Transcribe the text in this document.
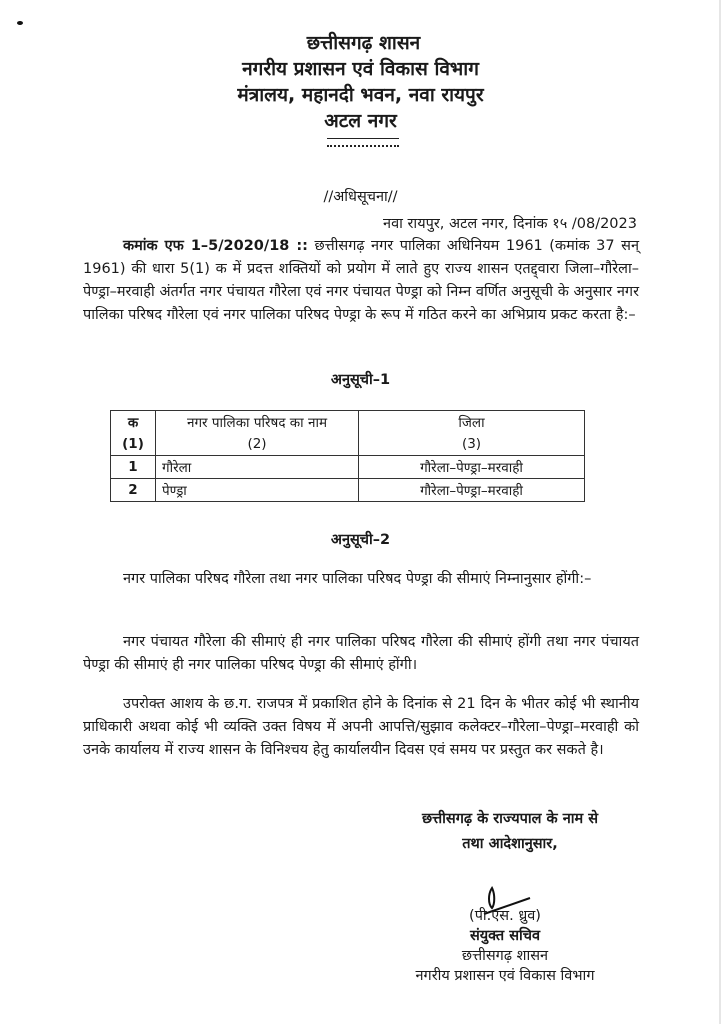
छत्तीसगढ़ शासन
नगरीय प्रशासन एवं विकास विभाग
मंत्रालय, महानदी भवन, नवा रायपुर
अटल नगर
//अधिसूचना//
नवा रायपुर, अटल नगर, दिनांक १५ /08/2023
कमांक एफ 1–5/2020/18 :: छत्तीसगढ़ नगर पालिका अधिनियम 1961 (कमांक 37 सन् 1961) की धारा 5(1) क में प्रदत्त शक्तियों को प्रयोग में लाते हुए राज्य शासन एतद्द्वारा जिला–गौरेला–पेण्ड्रा–मरवाही अंतर्गत नगर पंचायत गौरेला एवं नगर पंचायत पेण्ड्रा को निम्न वर्णित अनुसूची के अनुसार नगर पालिका परिषद गौरेला एवं नगर पालिका परिषद पेण्ड्रा के रूप में गठित करने का अभिप्राय प्रकट करता है:–
अनुसूची–1
क	नगर पालिका परिषद का नाम	जिला
(1)	(2)	(3)
1	गौरेला	गौरेला–पेण्ड्रा–मरवाही
2	पेण्ड्रा	गौरेला–पेण्ड्रा–मरवाही
अनुसूची–2
नगर पालिका परिषद गौरेला तथा नगर पालिका परिषद पेण्ड्रा की सीमाएं निम्नानुसार होंगी:–
नगर पंचायत गौरेला की सीमाएं ही नगर पालिका परिषद गौरेला की सीमाएं होंगी तथा नगर पंचायत पेण्ड्रा की सीमाएं ही नगर पालिका परिषद पेण्ड्रा की सीमाएं होंगी।
उपरोक्त आशय के छ.ग. राजपत्र में प्रकाशित होने के दिनांक से 21 दिन के भीतर कोई भी स्थानीय प्राधिकारी अथवा कोई भी व्यक्ति उक्त विषय में अपनी आपत्ति/सुझाव कलेक्टर–गौरेला–पेण्ड्रा–मरवाही को उनके कार्यालय में राज्य शासन के विनिश्चय हेतु कार्यालयीन दिवस एवं समय पर प्रस्तुत कर सकते है।
छत्तीसगढ़ के राज्यपाल के नाम से
तथा आदेशानुसार,
(पी.एस. ध्रुव)
संयुक्त सचिव
छत्तीसगढ़ शासन
नगरीय प्रशासन एवं विकास विभाग
